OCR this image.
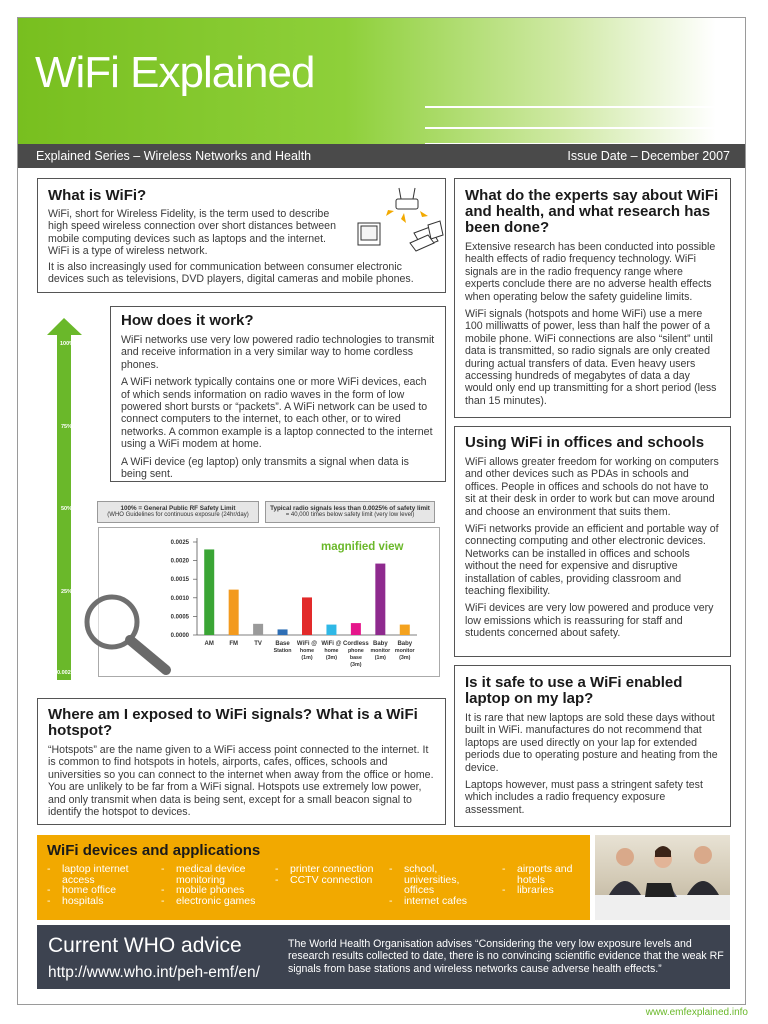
WiFi Explained
Explained Series – Wireless Networks and Health	Issue Date – December 2007
What is WiFi?

WiFi, short for Wireless Fidelity, is the term used to describe high speed wireless connection over short distances between mobile computing devices such as laptops and the internet. WiFi is a type of wireless network.

It is also increasingly used for communication between consumer electronic devices such as televisions, DVD players, digital cameras and mobile phones.

100%
75%
50%
25%
0.0025
How does it work?

WiFi networks use very low powered radio technologies to transmit and receive information in a very similar way to home cordless phones.

A WiFi network typically contains one or more WiFi devices, each of which sends information on radio waves in the form of low powered short bursts or “packets”. A WiFi network can be used to connect computers to the internet, to each other, or to wired networks. A common example is a laptop connected to the internet using a WiFi modem at home.

A WiFi device (eg laptop) only transmits a signal when data is being sent.

100% = General Public RF Safety Limit
(WHO Guidelines for continuous exposure (24hr/day)
Typical radio signals less than 0.0025% of safety limit
= 40,000 times below safety limit (very low level)
magnified view
0.0025
0.0020
0.0015
0.0010
0.0005
0.0000
AM	FM	TV Base
Station
WiFi @
home
(1m)
WiFi @
home
(3m)
Cordless
phone
base
(3m)
Baby
monitor
(1m)
Baby
monitor
(3m)
What do the experts say about WiFi and health, and what research has been done?

Extensive research has been conducted into possible health effects of radio frequency technology. WiFi signals are in the radio frequency range where experts conclude there are no adverse health effects when operating below the safety guideline limits.

WiFi signals (hotspots and home WiFi) use a mere 100 milliwatts of power, less than half the power of a mobile phone. WiFi connections are also “silent” until data is transmitted, so radio signals are only created during actual transfers of data. Even heavy users accessing hundreds of megabytes of data a day would only end up transmitting for a short period (less than 15 minutes).

Using WiFi in offices and schools

WiFi allows greater freedom for working on computers and other devices such as PDAs in schools and offices. People in offices and schools do not have to sit at their desk in order to work but can move around and choose an environment that suits them.

WiFi networks provide an efficient and portable way of connecting computing and other electronic devices. Networks can be installed in offices and schools without the need for expensive and disruptive installation of cables, providing classroom and teaching flexibility.

WiFi devices are very low powered and produce very low emissions which is reassuring for staff and students concerned about safety.

Is it safe to use a WiFi enabled laptop on my lap?

It is rare that new laptops are sold these days without built in WiFi. manufactures do not recommend that laptops are used directly on your lap for extended periods due to operating posture and heating from the device.

Laptops however, must pass a stringent safety test which includes a radio frequency exposure assessment.

Where am I exposed to WiFi signals? What is a WiFi hotspot?

“Hotspots” are the name given to a WiFi access point connected to the internet. It is common to find hotspots in hotels, airports, cafes, offices, schools and universities so you can connect to the internet when away from the office or home. You are unlikely to be far from a WiFi signal. Hotspots use extremely low power, and only transmit when data is being sent, except for a small beacon signal to identify the hotspot to devices.

WiFi devices and applications
- laptop internet access
- home office
- hospitals
- medical device monitoring
- mobile phones
- electronic games
- printer connection
- CCTV connection
- school, universities, offices
- internet cafes
- airports and hotels
- libraries
Current WHO advice
http://www.who.int/peh-emf/en/

The World Health Organisation advises “Considering the very low exposure levels and research results collected to date, there is no convincing scientific evidence that the weak RF signals from base stations and wireless networks cause adverse health effects.”

www.emfexplained.info
